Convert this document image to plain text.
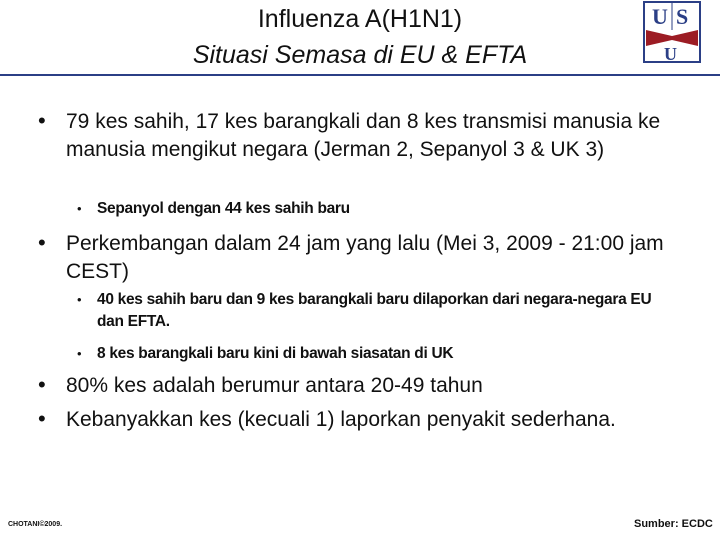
Influenza A(H1N1)
Situasi Semasa di EU & EFTA
U S
U
• 79 kes sahih, 17 kes barangkali dan 8 kes transmisi manusia ke manusia mengikut negara (Jerman 2, Sepanyol 3 & UK 3)
• Sepanyol dengan 44 kes sahih baru
• Perkembangan dalam 24 jam yang lalu (Mei 3, 2009 - 21:00 jam CEST)
• 40 kes sahih baru dan 9 kes barangkali baru dilaporkan dari negara-negara EU dan EFTA.
• 8 kes barangkali baru kini di bawah siasatan di UK
• 80% kes adalah berumur antara 20-49 tahun
• Kebanyakkan kes (kecuali 1) laporkan penyakit sederhana.
CHOTANI©2009.	Sumber: ECDC
